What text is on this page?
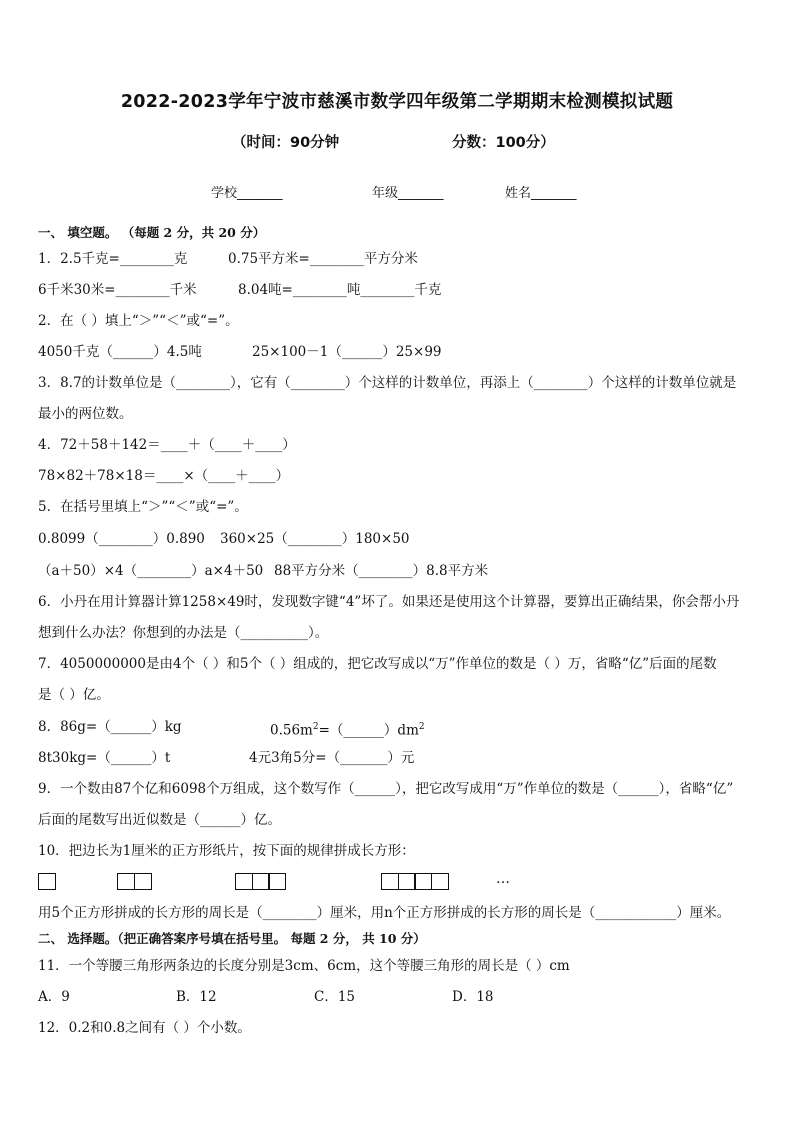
2022-2023学年宁波市慈溪市数学四年级第二学期期末检测模拟试题
（时间：90分钟	分数：100分）
学校_______	年级_______	姓名_______
一、 填空题。 （每题 2 分，共 20 分）
1．2.5千克=________克	0.75平方米=________平方分米
6千米30米=________千米	8.04吨=________吨________千克
2．在（ ）填上“＞”“＜”或“=”。
4050千克（______）4.5吨	25×100－1（______）25×99
3．8.7的计数单位是（________），它有（________）个这样的计数单位，再添上（________）个这样的计数单位就是
最小的两位数。
4．72＋58＋142＝____＋（____＋____）
78×82＋78×18＝____×（____＋____）
5．在括号里填上“＞”“＜”或“=”。
0.8099（________）0.890 360×25（________）180×50
（a＋50）×4（________）a×4＋50 88平方分米（________）8.8平方米
6．小丹在用计算器计算1258×49时，发现数字键“4”坏了。如果还是使用这个计算器，要算出正确结果，你会帮小丹
想到什么办法？你想到的办法是（__________）。
7．4050000000是由4个（ ）和5个（ ）组成的，把它改写成以“万”作单位的数是（ ）万，省略“亿”后面的尾数
是（ ）亿。
8．86g=（______）kg	$0.56m^2=(\_\_\_\_\_\_)dm^2$
8t30kg=（______）t	4元3角5分=（_______）元
9．一个数由87个亿和6098个万组成，这个数写作（______），把它改写成用“万”作单位的数是（______），省略“亿”
后面的尾数写出近似数是（______）亿。
10．把边长为1厘米的正方形纸片，按下面的规律拼成长方形：
…
用5个正方形拼成的长方形的周长是（________）厘米，用n个正方形拼成的长方形的周长是（____________）厘米。
二、 选择题。（把正确答案序号填在括号里。 每题 2 分， 共 10 分）
11．一个等腰三角形两条边的长度分别是3cm、6cm，这个等腰三角形的周长是（ ）cm
A．9	B．12	C．15	D．18
12．0.2和0.8之间有（ ）个小数。
